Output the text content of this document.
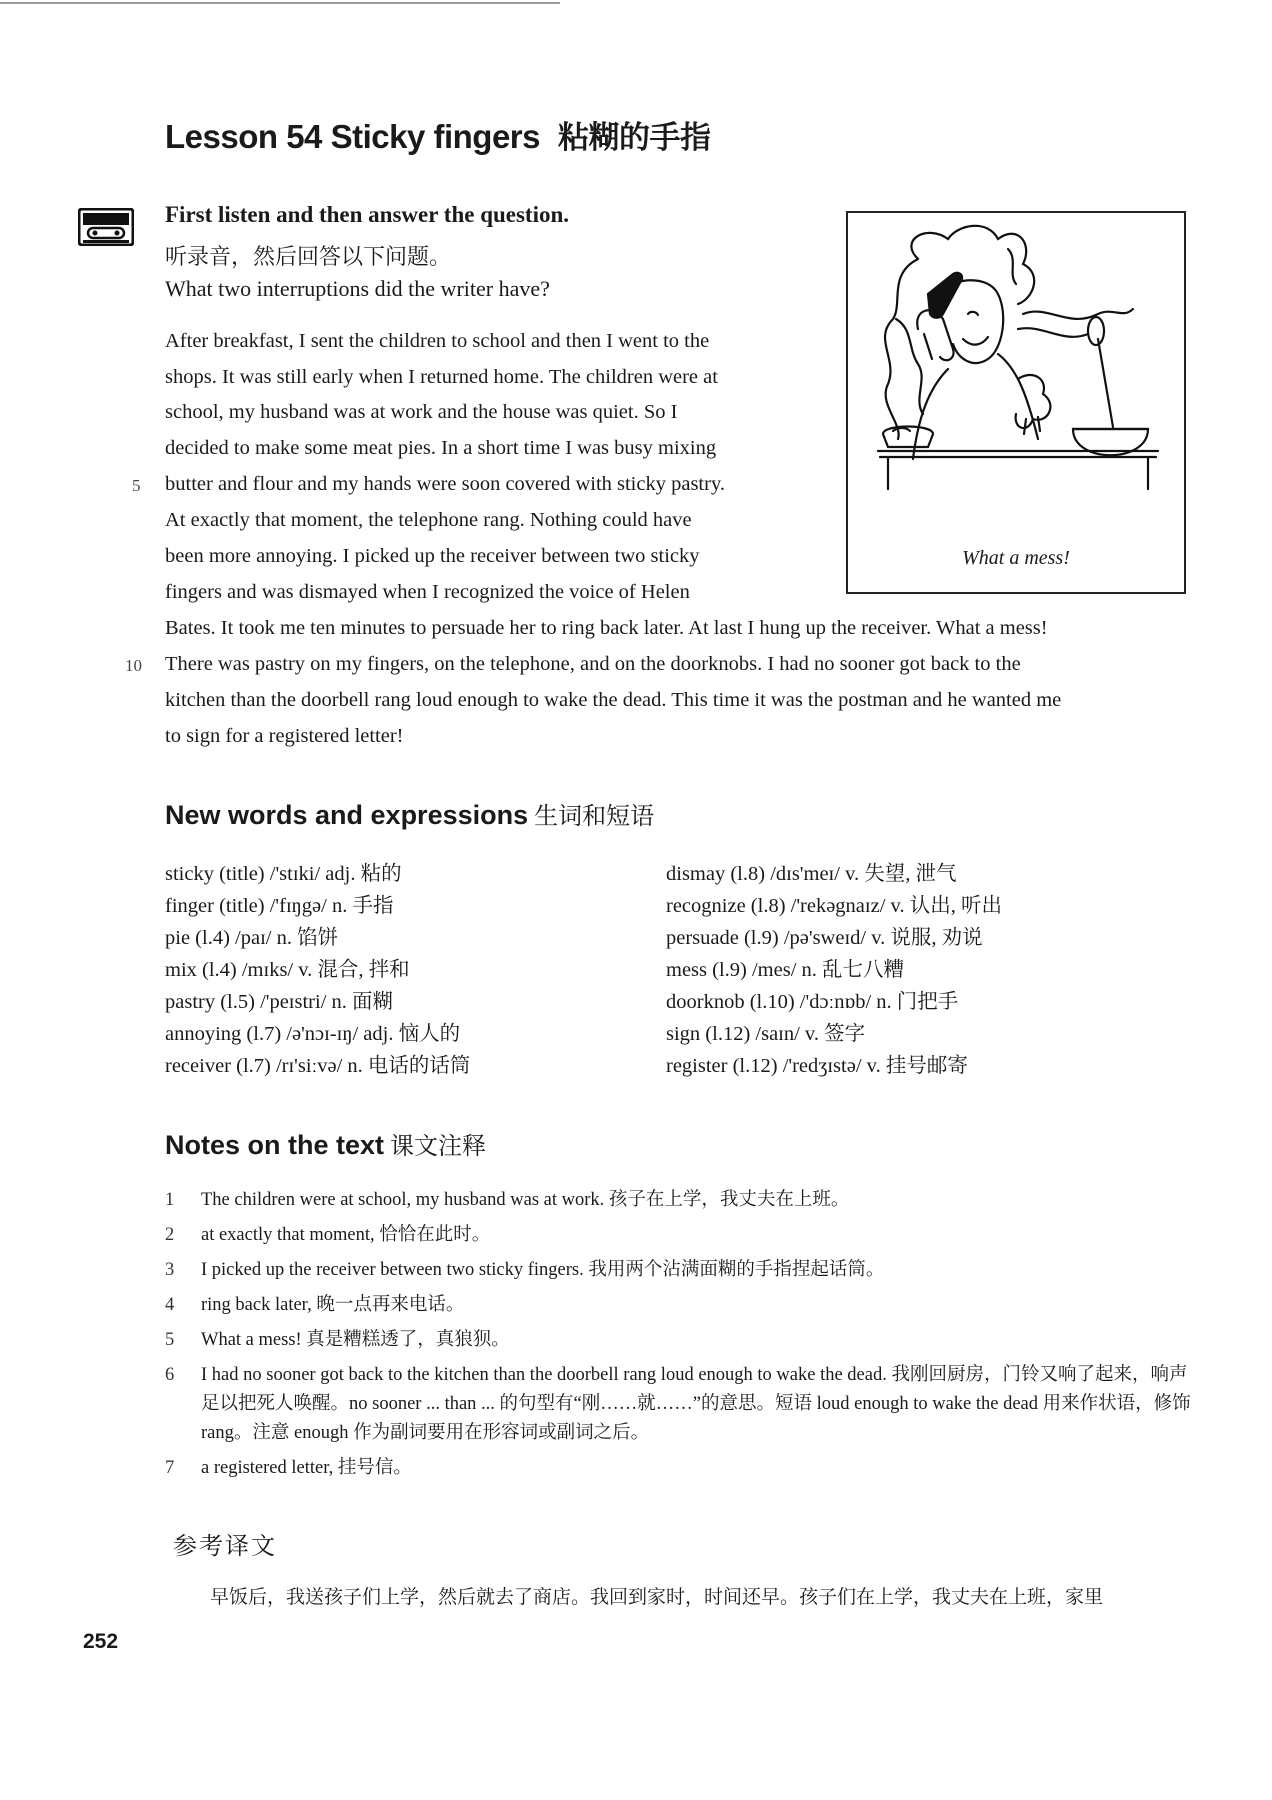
Lesson 54 Sticky fingers 粘糊的手指
First listen and then answer the question.
听录音，然后回答以下问题。
What two interruptions did the writer have?
What a mess!
After breakfast, I sent the children to school and then I went to the
shops. It was still early when I returned home. The children were at
school, my husband was at work and the house was quiet. So I
decided to make some meat pies. In a short time I was busy mixing
butter and flour and my hands were soon covered with sticky pastry.
At exactly that moment, the telephone rang. Nothing could have
been more annoying. I picked up the receiver between two sticky
fingers and was dismayed when I recognized the voice of Helen
Bates. It took me ten minutes to persuade her to ring back later. At last I hung up the receiver. What a mess!
There was pastry on my fingers, on the telephone, and on the doorknobs. I had no sooner got back to the
kitchen than the doorbell rang loud enough to wake the dead. This time it was the postman and he wanted me
to sign for a registered letter!
5
10
New words and expressions 生词和短语
sticky (title) /'stɪki/ adj. 粘的
finger (title) /'fɪŋgə/ n. 手指
pie (l.4) /paɪ/ n. 馅饼
mix (l.4) /mɪks/ v. 混合, 拌和
pastry (l.5) /'peɪstri/ n. 面糊
annoying (l.7) /ə'nɔɪ-ɪŋ/ adj. 恼人的
receiver (l.7) /rɪ'siːvə/ n. 电话的话筒
dismay (l.8) /dɪs'meɪ/ v. 失望, 泄气
recognize (l.8) /'rekəgnaɪz/ v. 认出, 听出
persuade (l.9) /pə'sweɪd/ v. 说服, 劝说
mess (l.9) /mes/ n. 乱七八糟
doorknob (l.10) /'dɔːnɒb/ n. 门把手
sign (l.12) /saɪn/ v. 签字
register (l.12) /'redʒɪstə/ v. 挂号邮寄
Notes on the text 课文注释
1 The children were at school, my husband was at work. 孩子在上学，我丈夫在上班。
2 at exactly that moment, 恰恰在此时。
3 I picked up the receiver between two sticky fingers. 我用两个沾满面糊的手指捏起话筒。
4 ring back later, 晚一点再来电话。
5 What a mess! 真是糟糕透了，真狼狈。
6 I had no sooner got back to the kitchen than the doorbell rang loud enough to wake the dead. 我刚回厨房，门铃又响了起来，响声足以把死人唤醒。no sooner ... than ... 的句型有“刚……就……”的意思。短语 loud enough to wake the dead 用来作状语，修饰 rang。注意 enough 作为副词要用在形容词或副词之后。
7 a registered letter, 挂号信。
参考译文
早饭后，我送孩子们上学，然后就去了商店。我回到家时，时间还早。孩子们在上学，我丈夫在上班，家里
252
